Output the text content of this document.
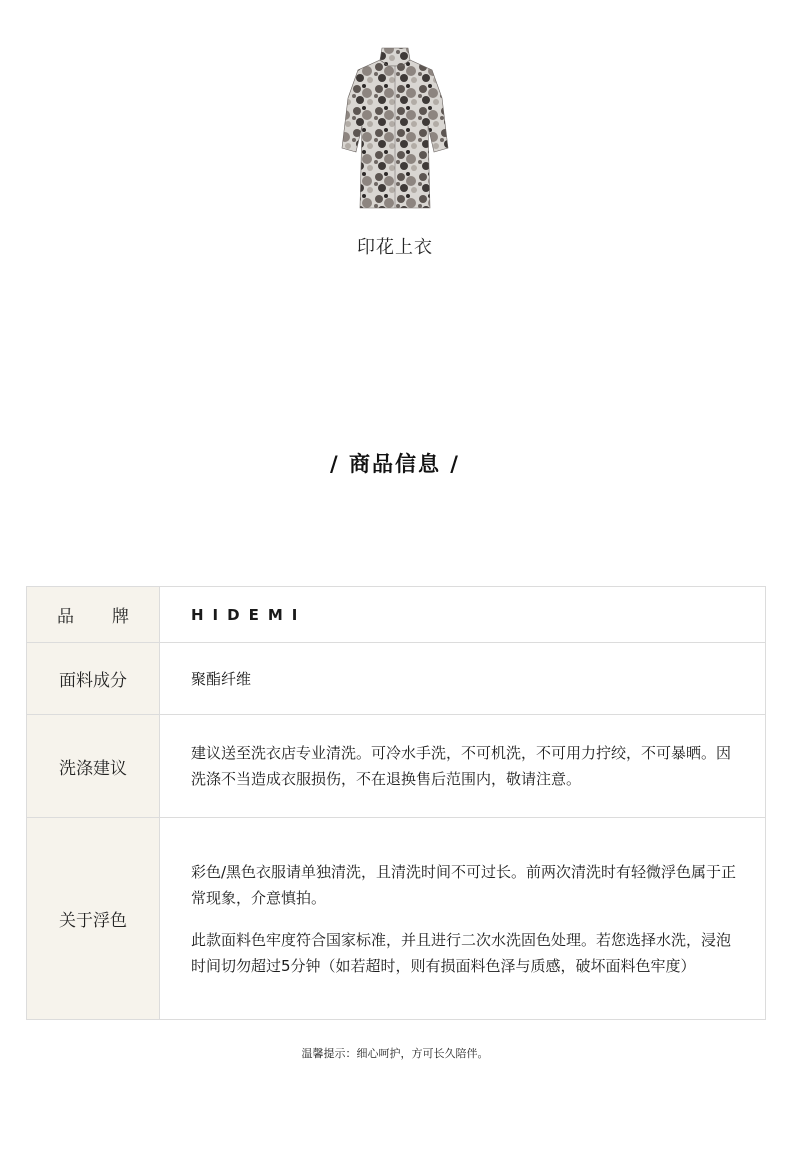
印花上衣
/ 商品信息 /
品 牌	HIDEMI
面料成分	聚酯纤维
洗涤建议	建议送至洗衣店专业清洗。可冷水手洗，不可机洗，不可用力拧绞，不可暴晒。因洗涤不当造成衣服损伤，不在退换售后范围内，敬请注意。
关于浮色	彩色/黑色衣服请单独清洗，且清洗时间不可过长。前两次清洗时有轻微浮色属于正常现象，介意慎拍。
此款面料色牢度符合国家标准，并且进行二次水洗固色处理。若您选择水洗，浸泡时间切勿超过5分钟（如若超时，则有损面料色泽与质感，破坏面料色牢度）
温馨提示：细心呵护，方可长久陪伴。
